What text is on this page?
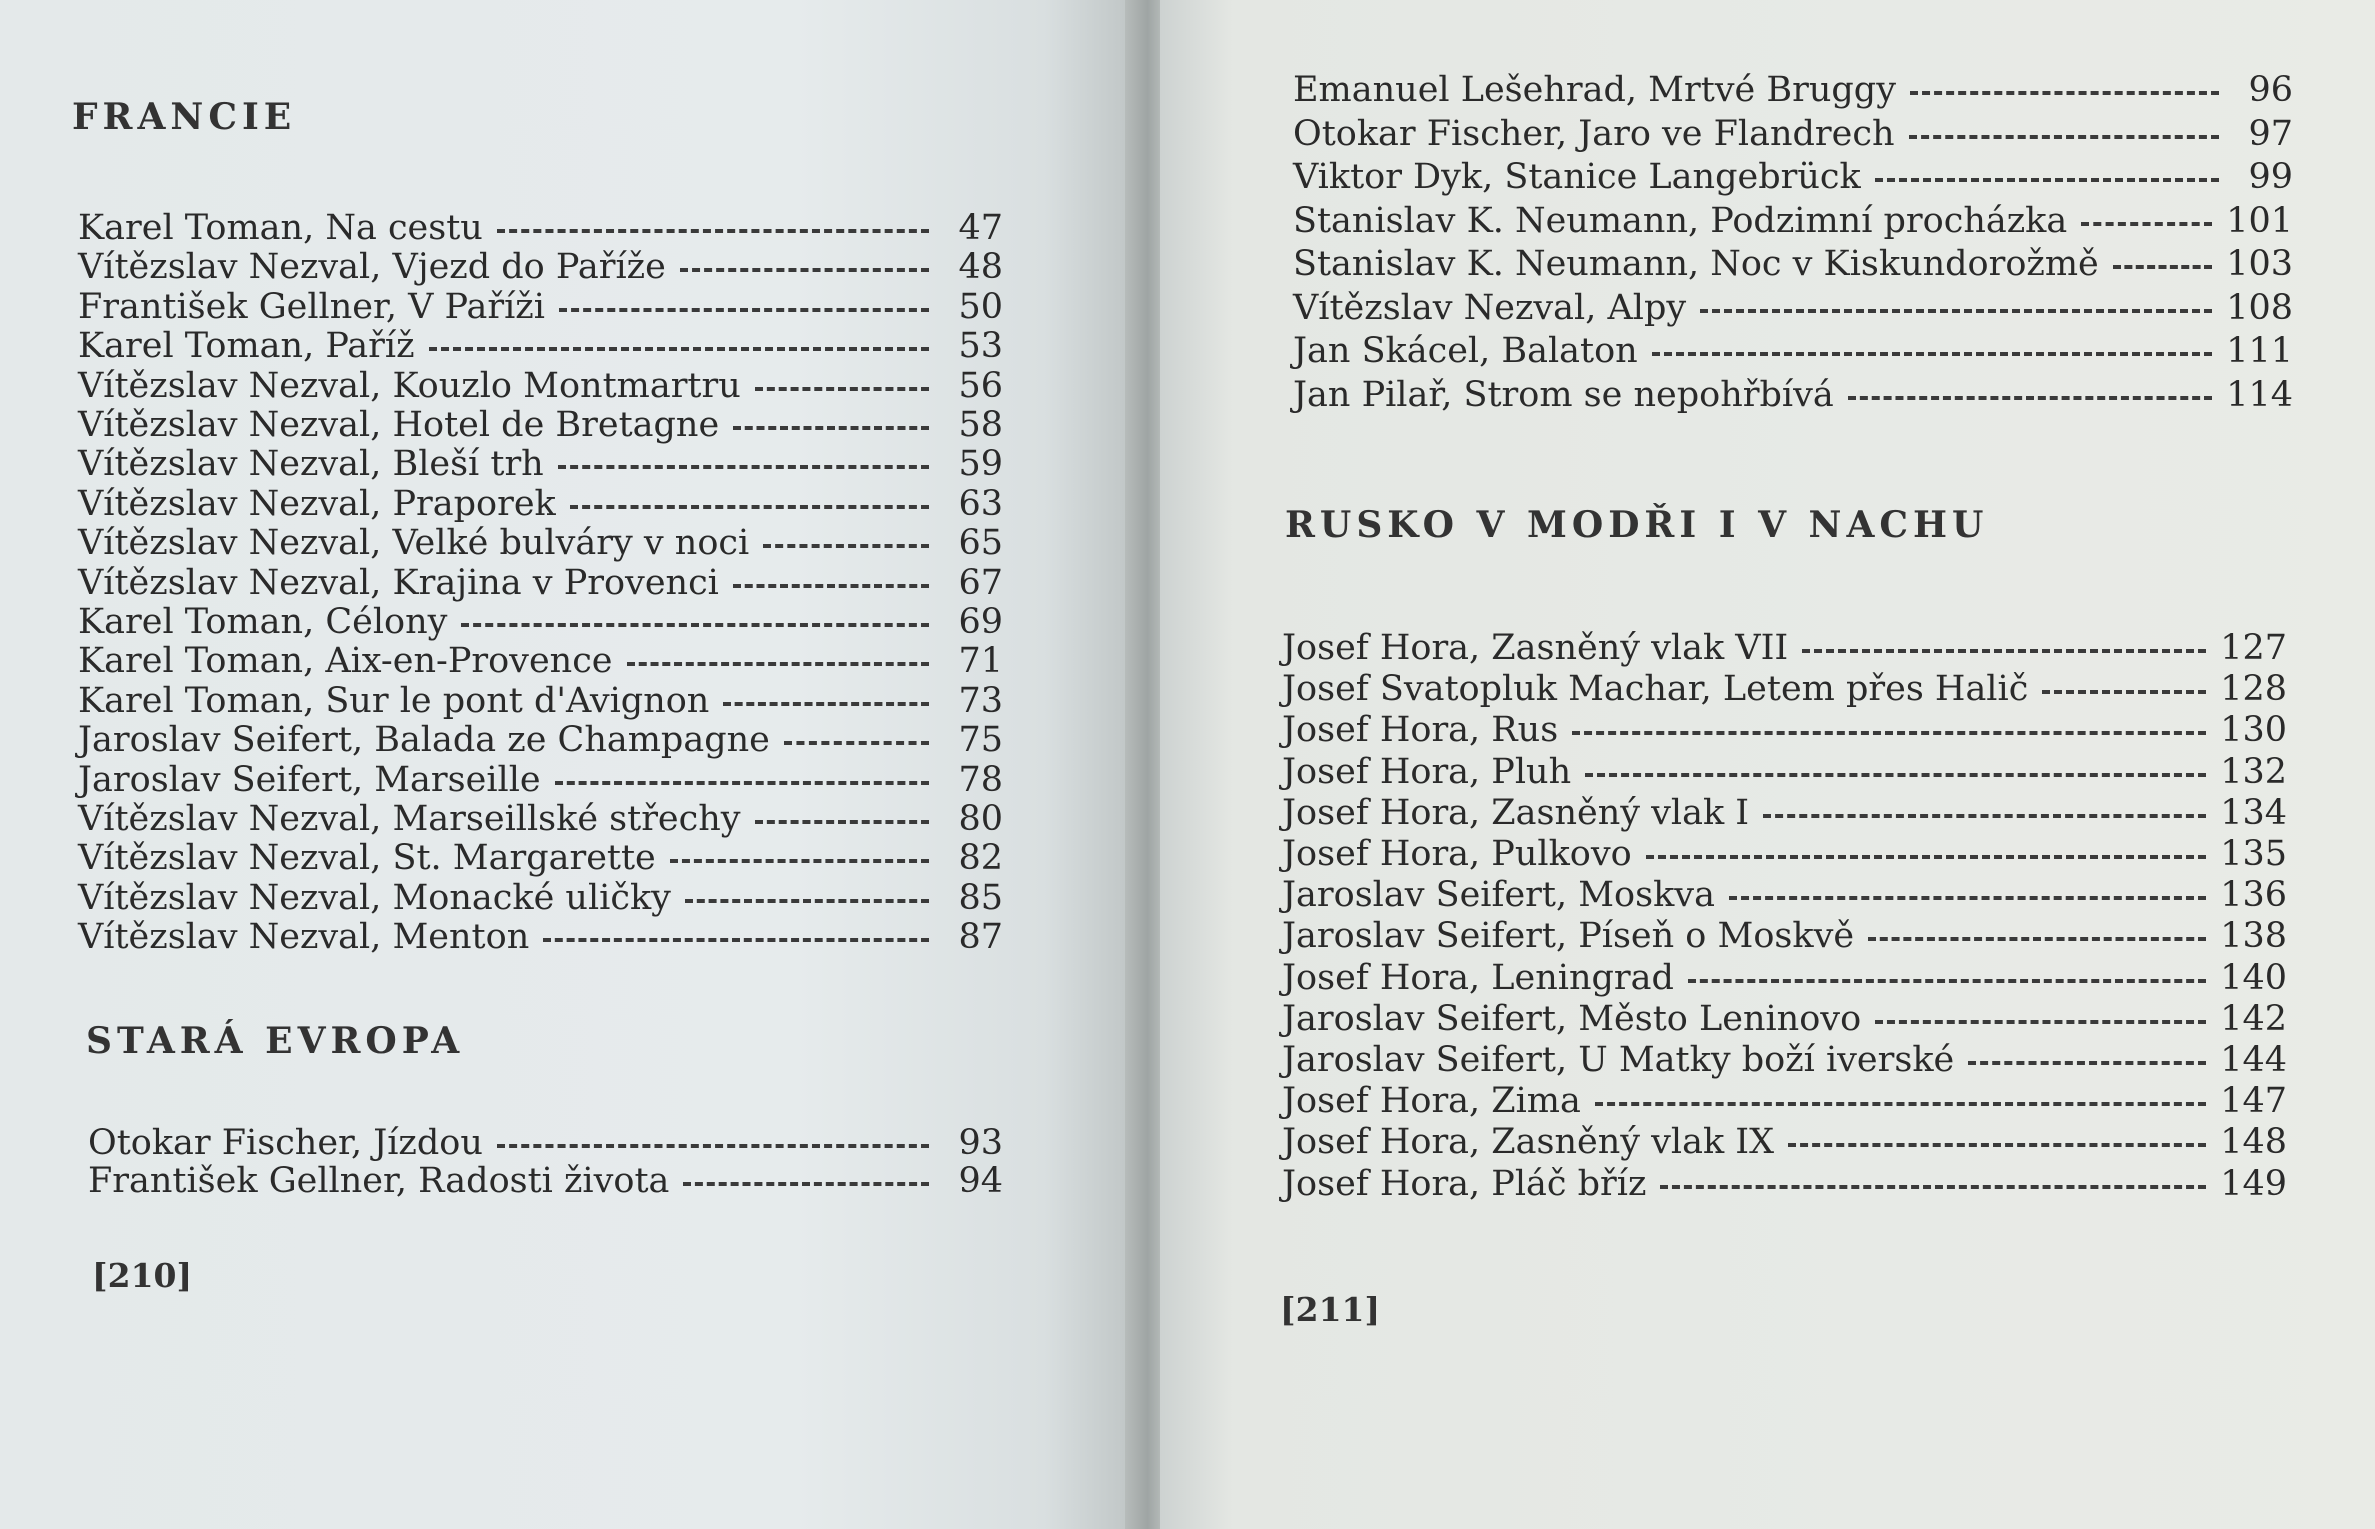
FRANCIE
Karel Toman, Na cestu	47
Vítězslav Nezval, Vjezd do Paříže	48
František Gellner, V Paříži	50
Karel Toman, Paříž	53
Vítězslav Nezval, Kouzlo Montmartru	56
Vítězslav Nezval, Hotel de Bretagne	58
Vítězslav Nezval, Bleší trh	59
Vítězslav Nezval, Praporek	63
Vítězslav Nezval, Velké bulváry v noci	65
Vítězslav Nezval, Krajina v Provenci	67
Karel Toman, Célony	69
Karel Toman, Aix-en-Provence	71
Karel Toman, Sur le pont d'Avignon	73
Jaroslav Seifert, Balada ze Champagne	75
Jaroslav Seifert, Marseille	78
Vítězslav Nezval, Marseillské střechy	80
Vítězslav Nezval, St. Margarette	82
Vítězslav Nezval, Monacké uličky	85
Vítězslav Nezval, Menton	87
STARÁ EVROPA
Otokar Fischer, Jízdou	93
František Gellner, Radosti života	94
[210]
Emanuel Lešehrad, Mrtvé Bruggy	96
Otokar Fischer, Jaro ve Flandrech	97
Viktor Dyk, Stanice Langebrück	99
Stanislav K. Neumann, Podzimní procházka	101
Stanislav K. Neumann, Noc v Kiskundorožmě	103
Vítězslav Nezval, Alpy	108
Jan Skácel, Balaton	111
Jan Pilař, Strom se nepohřbívá	114
RUSKO V MODŘI I V NACHU
Josef Hora, Zasněný vlak VII	127
Josef Svatopluk Machar, Letem přes Halič	128
Josef Hora, Rus	130
Josef Hora, Pluh	132
Josef Hora, Zasněný vlak I	134
Josef Hora, Pulkovo	135
Jaroslav Seifert, Moskva	136
Jaroslav Seifert, Píseň o Moskvě	138
Josef Hora, Leningrad	140
Jaroslav Seifert, Město Leninovo	142
Jaroslav Seifert, U Matky boží iverské	144
Josef Hora, Zima	147
Josef Hora, Zasněný vlak IX	148
Josef Hora, Pláč bříz	149
[211]
